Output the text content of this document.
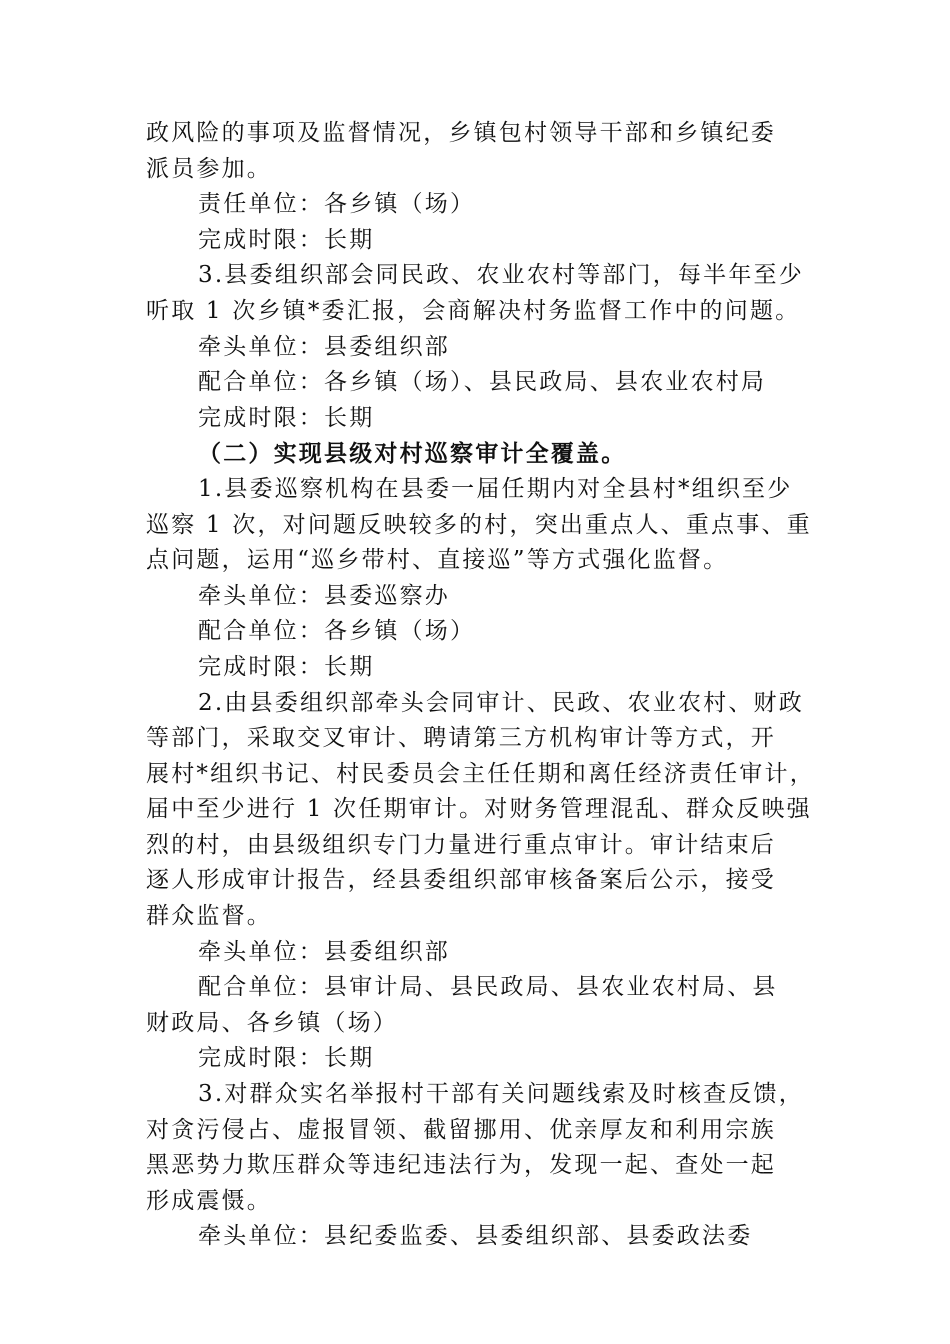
政风险的事项及监督情况，乡镇包村领导干部和乡镇纪委
派员参加。
责任单位：各乡镇（场）
完成时限：长期
3.县委组织部会同民政、农业农村等部门，每半年至少
听取 1 次乡镇*委汇报，会商解决村务监督工作中的问题。
牵头单位：县委组织部
配合单位：各乡镇（场）、县民政局、县农业农村局
完成时限：长期
（二）实现县级对村巡察审计全覆盖。
1.县委巡察机构在县委一届任期内对全县村*组织至少
巡察 1 次，对问题反映较多的村，突出重点人、重点事、重
点问题，运用“巡乡带村、直接巡”等方式强化监督。
牵头单位：县委巡察办
配合单位：各乡镇（场）
完成时限：长期
2.由县委组织部牵头会同审计、民政、农业农村、财政
等部门，采取交叉审计、聘请第三方机构审计等方式，开
展村*组织书记、村民委员会主任任期和离任经济责任审计，
届中至少进行 1 次任期审计。对财务管理混乱、群众反映强
烈的村，由县级组织专门力量进行重点审计。审计结束后
逐人形成审计报告，经县委组织部审核备案后公示，接受
群众监督。
牵头单位：县委组织部
配合单位：县审计局、县民政局、县农业农村局、县
财政局、各乡镇（场）
完成时限：长期
3.对群众实名举报村干部有关问题线索及时核查反馈，
对贪污侵占、虚报冒领、截留挪用、优亲厚友和利用宗族
黑恶势力欺压群众等违纪违法行为，发现一起、查处一起
形成震慑。
牵头单位：县纪委监委、县委组织部、县委政法委
